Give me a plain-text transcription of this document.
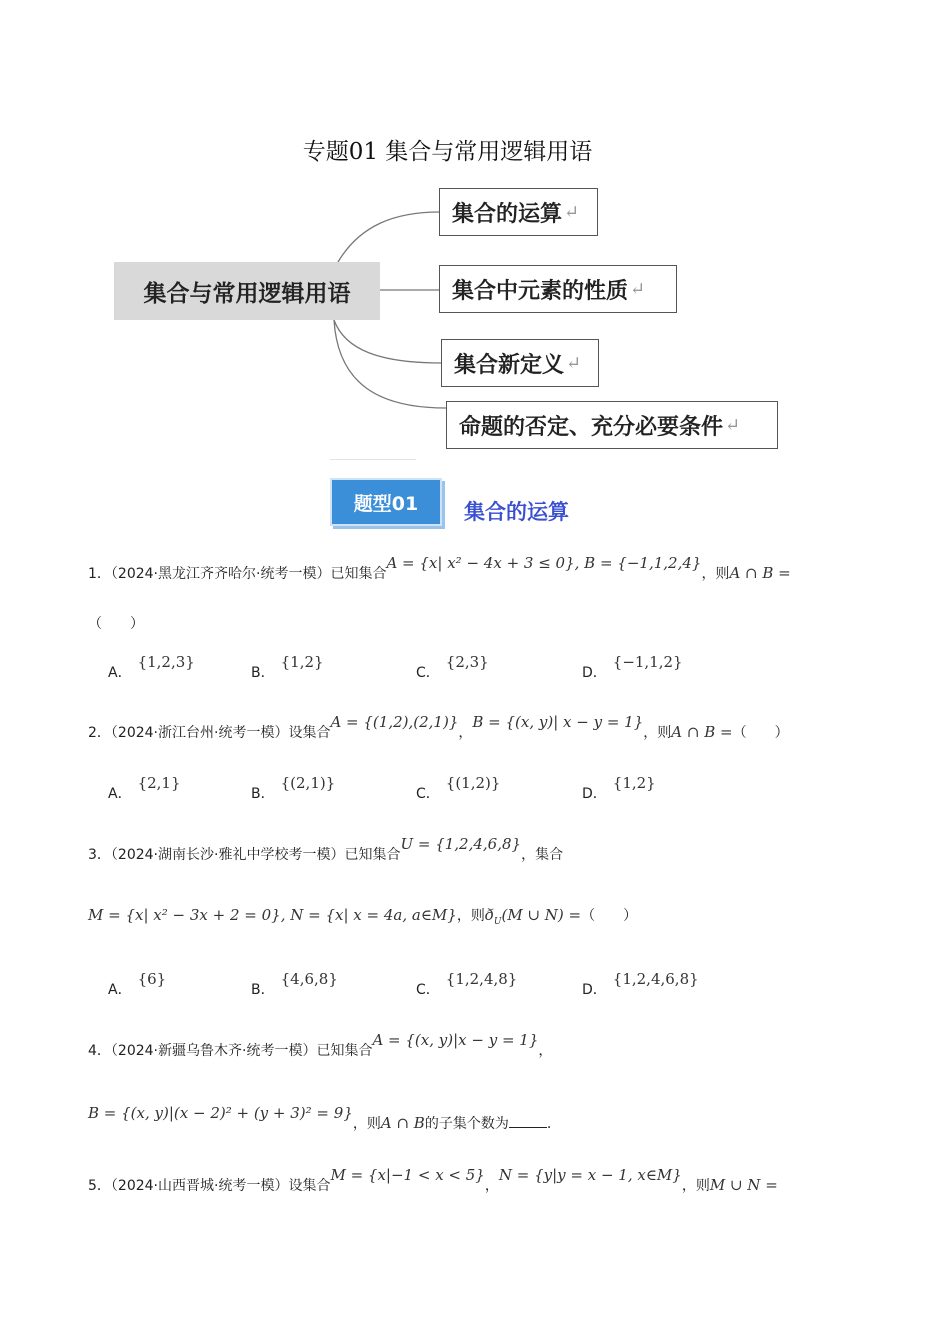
专题01 集合与常用逻辑用语
集合与常用逻辑用语
集合的运算 ↵
集合中元素的性质 ↵
集合新定义 ↵
命题的否定、充分必要条件 ↵
题型01	集合的运算
1．（2024·黑龙江齐齐哈尔·统考一模）已知集合A = {x| x² − 4x + 3 ≤ 0}, B = {−1,1,2,4}，则A ∩ B =
（　　）
A．{1,2,3}
B．{1,2}
C．{2,3}
D．{−1,1,2}
2．（2024·浙江台州·统考一模）设集合A = {(1,2),(2,1)}，B = {(x, y)| x − y = 1}，则A ∩ B =（　　）
A．{2,1}
B．{(2,1)}
C．{(1,2)}
D．{1,2}
3．（2024·湖南长沙·雅礼中学校考一模）已知集合U = {1,2,4,6,8}，集合
M = {x| x² − 3x + 2 = 0}, N = {x| x = 4a, a∈M}，则$ð_U(M$ ∪ N) =（　　）
A．{6}
B．{4,6,8}
C．{1,2,4,8}
D．{1,2,4,6,8}
4．（2024·新疆乌鲁木齐·统考一模）已知集合A = {(x, y)|x − y = 1}，
B = {(x, y)|(x − 2)² + (y + 3)² = 9}，则A ∩ B的子集个数为	.
5．（2024·山西晋城·统考一模）设集合M = {x|−1 < x < 5}，N = {y|y = x − 1, x∈M}，则M ∪ N =
